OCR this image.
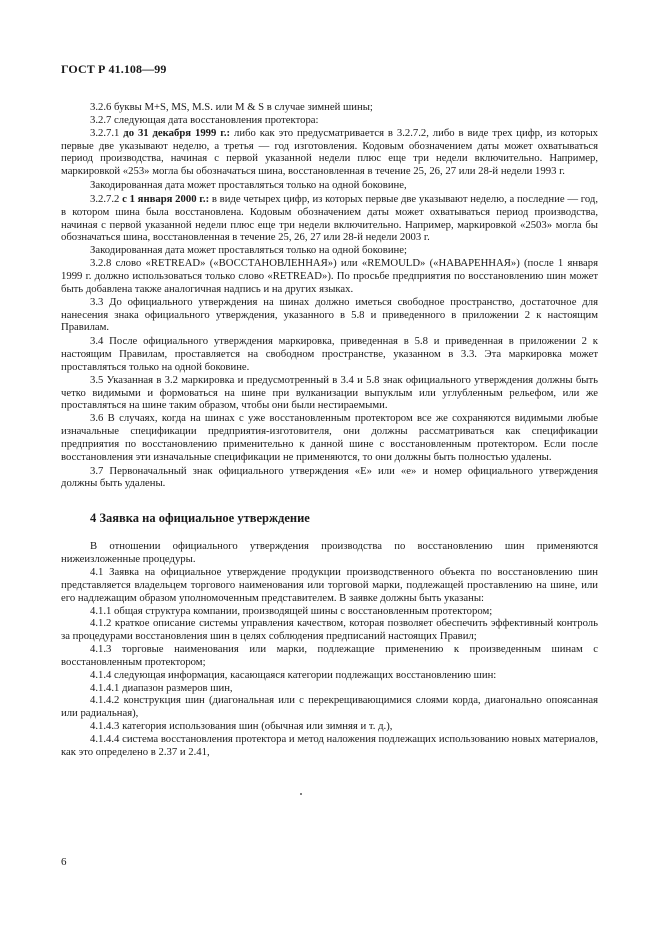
ГОСТ Р 41.108—99

3.2.6 буквы M+S, MS, M.S. или M & S в случае зимней шины;

3.2.7 следующая дата восстановления протектора:

3.2.7.1 до 31 декабря 1999 г.: либо как это предусматривается в 3.2.7.2, либо в виде трех цифр, из которых первые две указывают неделю, а третья — год изготовления. Кодовым обозначением даты может охватываться период производства, начиная с первой указанной недели плюс еще три недели включительно. Например, маркировкой «253» могла бы обозначаться шина, восстановленная в течение 25, 26, 27 или 28-й недели 1993 г.

Закодированная дата может проставляться только на одной боковине,

3.2.7.2 с 1 января 2000 г.: в виде четырех цифр, из которых первые две указывают неделю, а последние — год, в котором шина была восстановлена. Кодовым обозначением даты может охватываться период производства, начиная с первой указанной недели плюс еще три недели включительно. Например, маркировкой «2503» могла бы обозначаться шина, восстановленная в течение 25, 26, 27 или 28-й недели 2003 г.

Закодированная дата может проставляться только на одной боковине;

3.2.8 слово «RETREAD» («ВОССТАНОВЛЕННАЯ») или «REMOULD» («НАВАРЕННАЯ») (после 1 января 1999 г. должно использоваться только слово «RETREAD»). По просьбе предприятия по восстановлению шин может быть добавлена также аналогичная надпись и на других языках.

3.3 До официального утверждения на шинах должно иметься свободное пространство, достаточное для нанесения знака официального утверждения, указанного в 5.8 и приведенного в приложении 2 к настоящим Правилам.

3.4 После официального утверждения маркировка, приведенная в 5.8 и приведенная в приложении 2 к настоящим Правилам, проставляется на свободном пространстве, указанном в 3.3. Эта маркировка может проставляться только на одной боковине.

3.5 Указанная в 3.2 маркировка и предусмотренный в 3.4 и 5.8 знак официального утверждения должны быть четко видимыми и формоваться на шине при вулканизации выпуклым или углубленным рельефом, или же проставляться на шине таким образом, чтобы они были нестираемыми.

3.6 В случаях, когда на шинах с уже восстановленным протектором все же сохраняются видимыми любые изначальные спецификации предприятия-изготовителя, они должны рассматриваться как спецификации предприятия по восстановлению применительно к данной шине с восстановленным протектором. Если после восстановления эти изначальные спецификации не применяются, то они должны быть полностью удалены.

3.7 Первоначальный знак официального утверждения «E» или «e» и номер официального утверждения должны быть удалены.

4 Заявка на официальное утверждение

В отношении официального утверждения производства по восстановлению шин применяются нижеизложенные процедуры.

4.1 Заявка на официальное утверждение продукции производственного объекта по восстановлению шин представляется владельцем торгового наименования или торговой марки, подлежащей проставлению на шине, или его надлежащим образом уполномоченным представителем. В заявке должны быть указаны:

4.1.1 общая структура компании, производящей шины с восстановленным протектором;

4.1.2 краткое описание системы управления качеством, которая позволяет обеспечить эффективный контроль за процедурами восстановления шин в целях соблюдения предписаний настоящих Правил;

4.1.3 торговые наименования или марки, подлежащие применению к произведенным шинам с восстановленным протектором;

4.1.4 следующая информация, касающаяся категории подлежащих восстановлению шин:

4.1.4.1 диапазон размеров шин,

4.1.4.2 конструкция шин (диагональная или с перекрещивающимися слоями корда, диагонально опоясанная или радиальная),

4.1.4.3 категория использования шин (обычная или зимняя и т. д.),

4.1.4.4 система восстановления протектора и метод наложения подлежащих использованию новых материалов, как это определено в 2.37 и 2.41,

6
